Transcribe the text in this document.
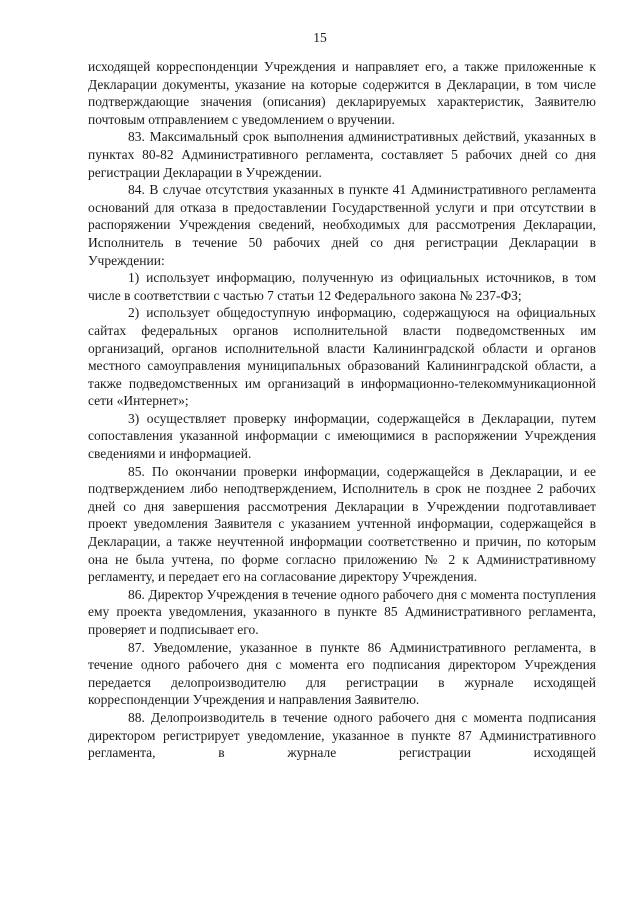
15

исходящей корреспонденции Учреждения и направляет его, а также приложенные к Декларации документы, указание на которые содержится в Декларации, в том числе подтверждающие значения (описания) декларируемых характеристик, Заявителю почтовым отправлением с уведомлением о вручении.

83. Максимальный срок выполнения административных действий, указанных в пунктах 80-82 Административного регламента, составляет 5 рабочих дней со дня регистрации Декларации в Учреждении.

84. В случае отсутствия указанных в пункте 41 Административного регламента оснований для отказа в предоставлении Государственной услуги и при отсутствии в распоряжении Учреждения сведений, необходимых для рассмотрения Декларации, Исполнитель в течение 50 рабочих дней со дня регистрации Декларации в Учреждении:

1) использует информацию, полученную из официальных источников, в том числе в соответствии с частью 7 статьи 12 Федерального закона № 237-ФЗ;

2) использует общедоступную информацию, содержащуюся на официальных сайтах федеральных органов исполнительной власти подведомственных им организаций, органов исполнительной власти Калининградской области и органов местного самоуправления муниципальных образований Калининградской области, а также подведомственных им организаций в информационно-телекоммуникационной сети «Интернет»;

3) осуществляет проверку информации, содержащейся в Декларации, путем сопоставления указанной информации с имеющимися в распоряжении Учреждения сведениями и информацией.

85. По окончании проверки информации, содержащейся в Декларации, и ее подтверждением либо неподтверждением, Исполнитель в срок не позднее 2 рабочих дней со дня завершения рассмотрения Декларации в Учреждении подготавливает проект уведомления Заявителя с указанием учтенной информации, содержащейся в Декларации, а также неучтенной информации соответственно и причин, по которым она не была учтена, по форме согласно приложению № 2 к Административному регламенту, и передает его на согласование директору Учреждения.

86. Директор Учреждения в течение одного рабочего дня с момента поступления ему проекта уведомления, указанного в пункте 85 Административного регламента, проверяет и подписывает его.

87. Уведомление, указанное в пункте 86 Административного регламента, в течение одного рабочего дня с момента его подписания директором Учреждения передается делопроизводителю для регистрации в журнале исходящей корреспонденции Учреждения и направления Заявителю.

88. Делопроизводитель в течение одного рабочего дня с момента подписания директором регистрирует уведомление, указанное в пункте 87 Административного регламента, в журнале регистрации исходящей
